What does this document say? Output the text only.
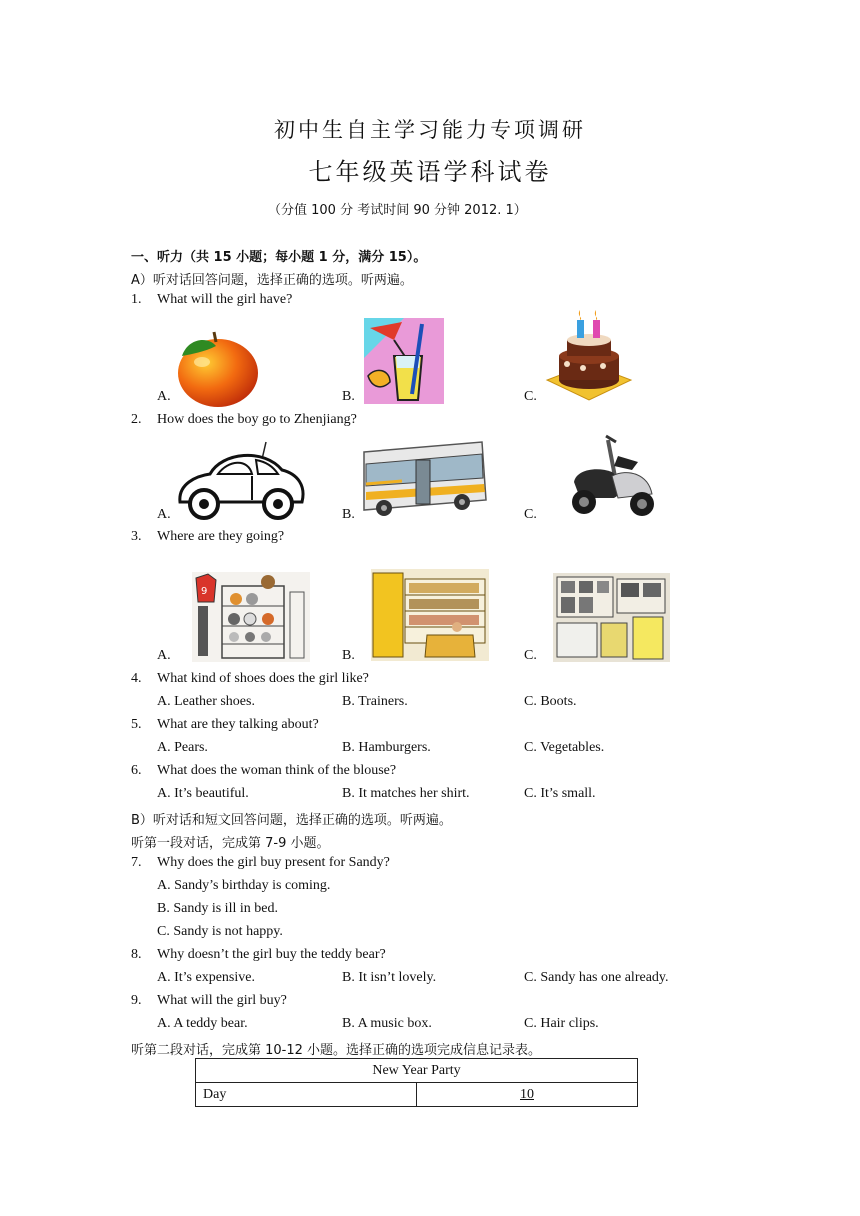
初中生自主学习能力专项调研
七年级英语学科试卷
（分值 100 分 考试时间 90 分钟 2012. 1）
一、听力（共 15 小题；每小题 1 分，满分 15）。
A）听对话回答问题，选择正确的选项。听两遍。
1. What will the girl have?
A.	B.	C.
2. How does the boy go to Zhenjiang?
A.	B.	C.
3. Where are they going?
A.	B.	C.
9
4. What kind of shoes does the girl like?
A. Leather shoes.	B. Trainers.	C. Boots.
5. What are they talking about?
A. Pears.	B. Hamburgers.	C. Vegetables.
6. What does the woman think of the blouse?
A. It’s beautiful.	B. It matches her shirt.	C. It’s small.
B）听对话和短文回答问题，选择正确的选项。听两遍。
听第一段对话，完成第 7-9 小题。
7. Why does the girl buy present for Sandy?
A. Sandy’s birthday is coming.
B. Sandy is ill in bed.
C. Sandy is not happy.
8. Why doesn’t the girl buy the teddy bear?
A. It’s expensive.	B. It isn’t lovely.	C. Sandy has one already.
9. What will the girl buy?
A. A teddy bear.	B. A music box.	C. Hair clips.
听第二段对话，完成第 10-12 小题。选择正确的选项完成信息记录表。
New Year Party
Day	10
